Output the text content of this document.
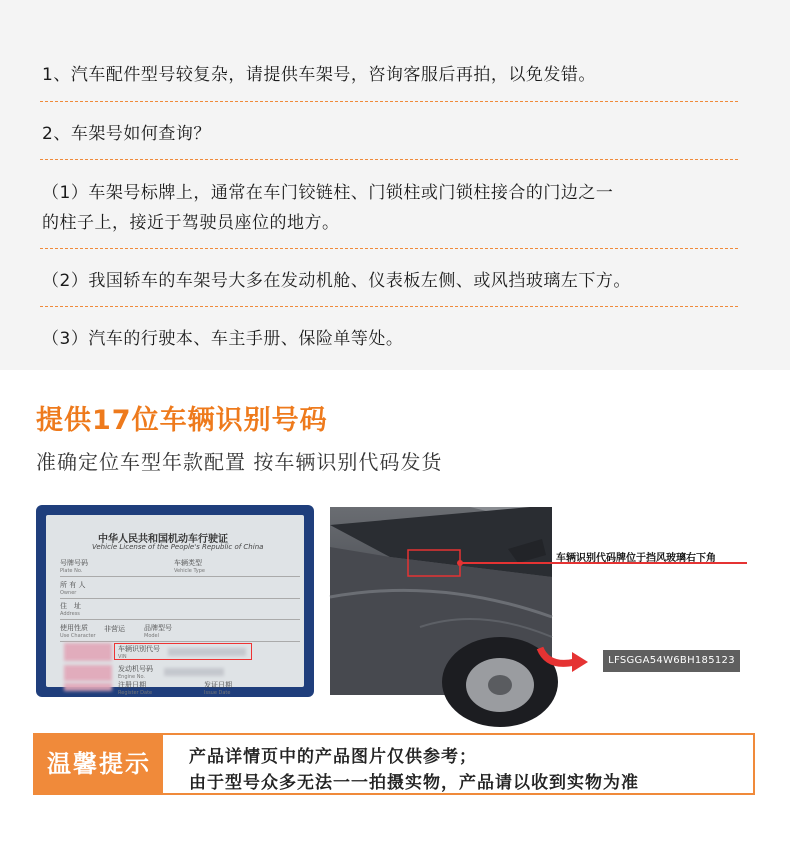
1、汽车配件型号较复杂，请提供车架号，咨询客服后再拍，以免发错。
2、车架号如何查询？
（1）车架号标牌上，通常在车门铰链柱、门锁柱或门锁柱接合的门边之一
的柱子上，接近于驾驶员座位的地方。
（2）我国轿车的车架号大多在发动机舱、仪表板左侧、或风挡玻璃左下方。
（3）汽车的行驶本、车主手册、保险单等处。
提供17位车辆识别号码
准确定位车型年款配置 按车辆识别代码发货
中华人民共和国机动车行驶证
Vehicle License of the People's Republic of China
号牌号码
Plate No.
车辆类型
Vehicle Type
所 有 人
Owner
住　址
Address
使用性质
Use Character
非营运	品牌型号
Model
车辆识别代号
VIN
发动机号码
Engine No.
注册日期
Register Date
发证日期
Issue Date
车辆识别代码牌位于挡风玻璃右下角
LFSGGA54W6BH185123
温馨提示	产品详情页中的产品图片仅供参考；
由于型号众多无法一一拍摄实物，产品请以收到实物为准
